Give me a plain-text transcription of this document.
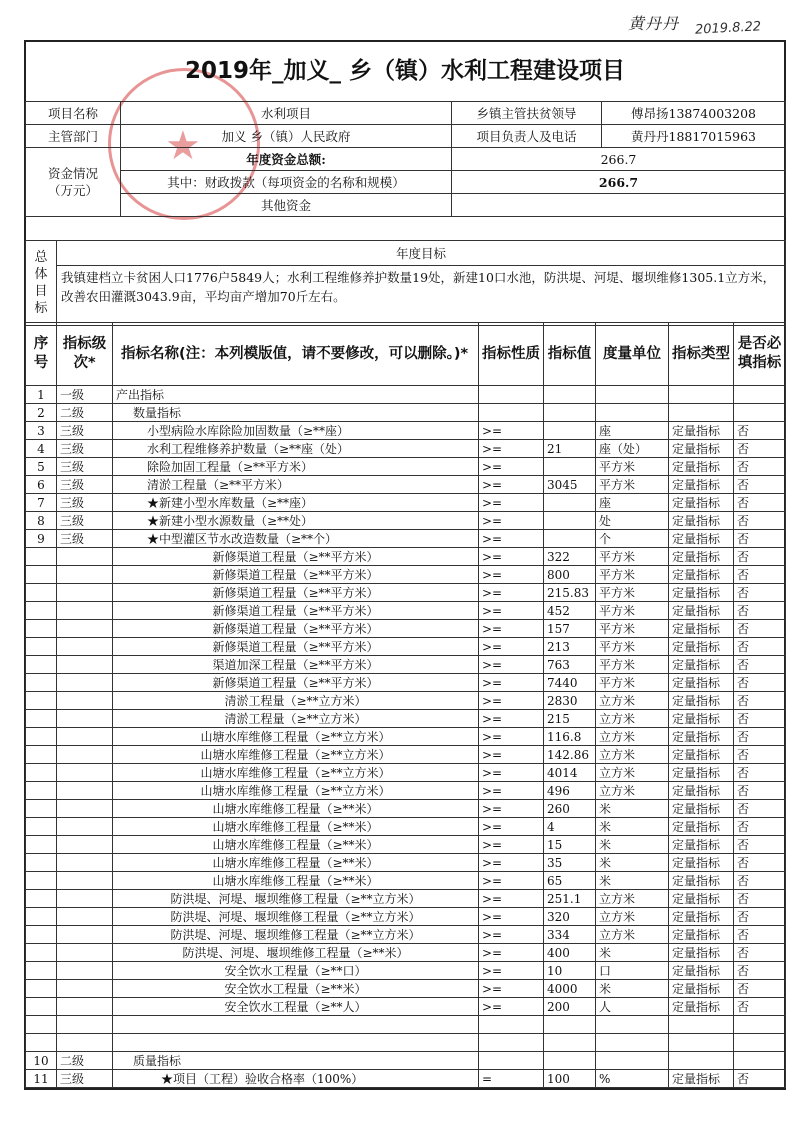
黄丹丹 2019.8.22
★
2019年_加义_ 乡（镇）水利工程建设项目
项目名称	水利项目	乡镇主管扶贫领导	傅昂扬13874003208
主管部门	加义 乡（镇）人民政府	项目负责人及电话	黄丹丹18817015963
资金情况（万元）	年度资金总额:	266.7	
	其中：财政拨款（每项资金的名称和规模）	266.7	
	其他资金		
总体目标	年度目标
我镇建档立卡贫困人口1776户5849人；水利工程维修养护数量19处，新建10口水池，防洪堤、河堤、堰坝维修1305.1立方米，改善农田灌溉3043.9亩，平均亩产增加70斤左右。
序号	指标级次*	指标名称(注：本列模版值，请不要修改，可以删除。)*	指标性质	指标值	度量单位	指标类型	是否必填指标
1	一级	产出指标					
2	二级	数量指标					
3	三级	小型病险水库除险加固数量（≥**座）	>=		座	定量指标	否
4	三级	水利工程维修养护数量（≥**座（处）	>=	21	座（处）	定量指标	否
5	三级	除险加固工程量（≥**平方米）	>=		平方米	定量指标	否
6	三级	清淤工程量（≥**平方米）	>=	3045	平方米	定量指标	否
7	三级	★新建小型水库数量（≥**座）	>=		座	定量指标	否
8	三级	★新建小型水源数量（≥**处）	>=		处	定量指标	否
9	三级	★中型灌区节水改造数量（≥**个）	>=		个	定量指标	否
		新修渠道工程量（≥**平方米）	>=	322	平方米	定量指标	否
		新修渠道工程量（≥**平方米）	>=	800	平方米	定量指标	否
		新修渠道工程量（≥**平方米）	>=	215.83	平方米	定量指标	否
		新修渠道工程量（≥**平方米）	>=	452	平方米	定量指标	否
		新修渠道工程量（≥**平方米）	>=	157	平方米	定量指标	否
		新修渠道工程量（≥**平方米）	>=	213	平方米	定量指标	否
		渠道加深工程量（≥**平方米）	>=	763	平方米	定量指标	否
		新修渠道工程量（≥**平方米）	>=	7440	平方米	定量指标	否
		清淤工程量（≥**立方米）	>=	2830	立方米	定量指标	否
		清淤工程量（≥**立方米）	>=	215	立方米	定量指标	否
		山塘水库维修工程量（≥**立方米）	>=	116.8	立方米	定量指标	否
		山塘水库维修工程量（≥**立方米）	>=	142.86	立方米	定量指标	否
		山塘水库维修工程量（≥**立方米）	>=	4014	立方米	定量指标	否
		山塘水库维修工程量（≥**立方米）	>=	496	立方米	定量指标	否
		山塘水库维修工程量（≥**米）	>=	260	米	定量指标	否
		山塘水库维修工程量（≥**米）	>=	4	米	定量指标	否
		山塘水库维修工程量（≥**米）	>=	15	米	定量指标	否
		山塘水库维修工程量（≥**米）	>=	35	米	定量指标	否
		山塘水库维修工程量（≥**米）	>=	65	米	定量指标	否
		防洪堤、河堤、堰坝维修工程量（≥**立方米）	>=	251.1	立方米	定量指标	否
		防洪堤、河堤、堰坝维修工程量（≥**立方米）	>=	320	立方米	定量指标	否
		防洪堤、河堤、堰坝维修工程量（≥**立方米）	>=	334	立方米	定量指标	否
		防洪堤、河堤、堰坝维修工程量（≥**米）	>=	400	米	定量指标	否
		安全饮水工程量（≥**口）	>=	10	口	定量指标	否
		安全饮水工程量（≥**米）	>=	4000	米	定量指标	否
		安全饮水工程量（≥**人）	>=	200	人	定量指标	否

10	二级	质量指标					
11	三级	★项目（工程）验收合格率（100%）	=	100	%	定量指标	否
